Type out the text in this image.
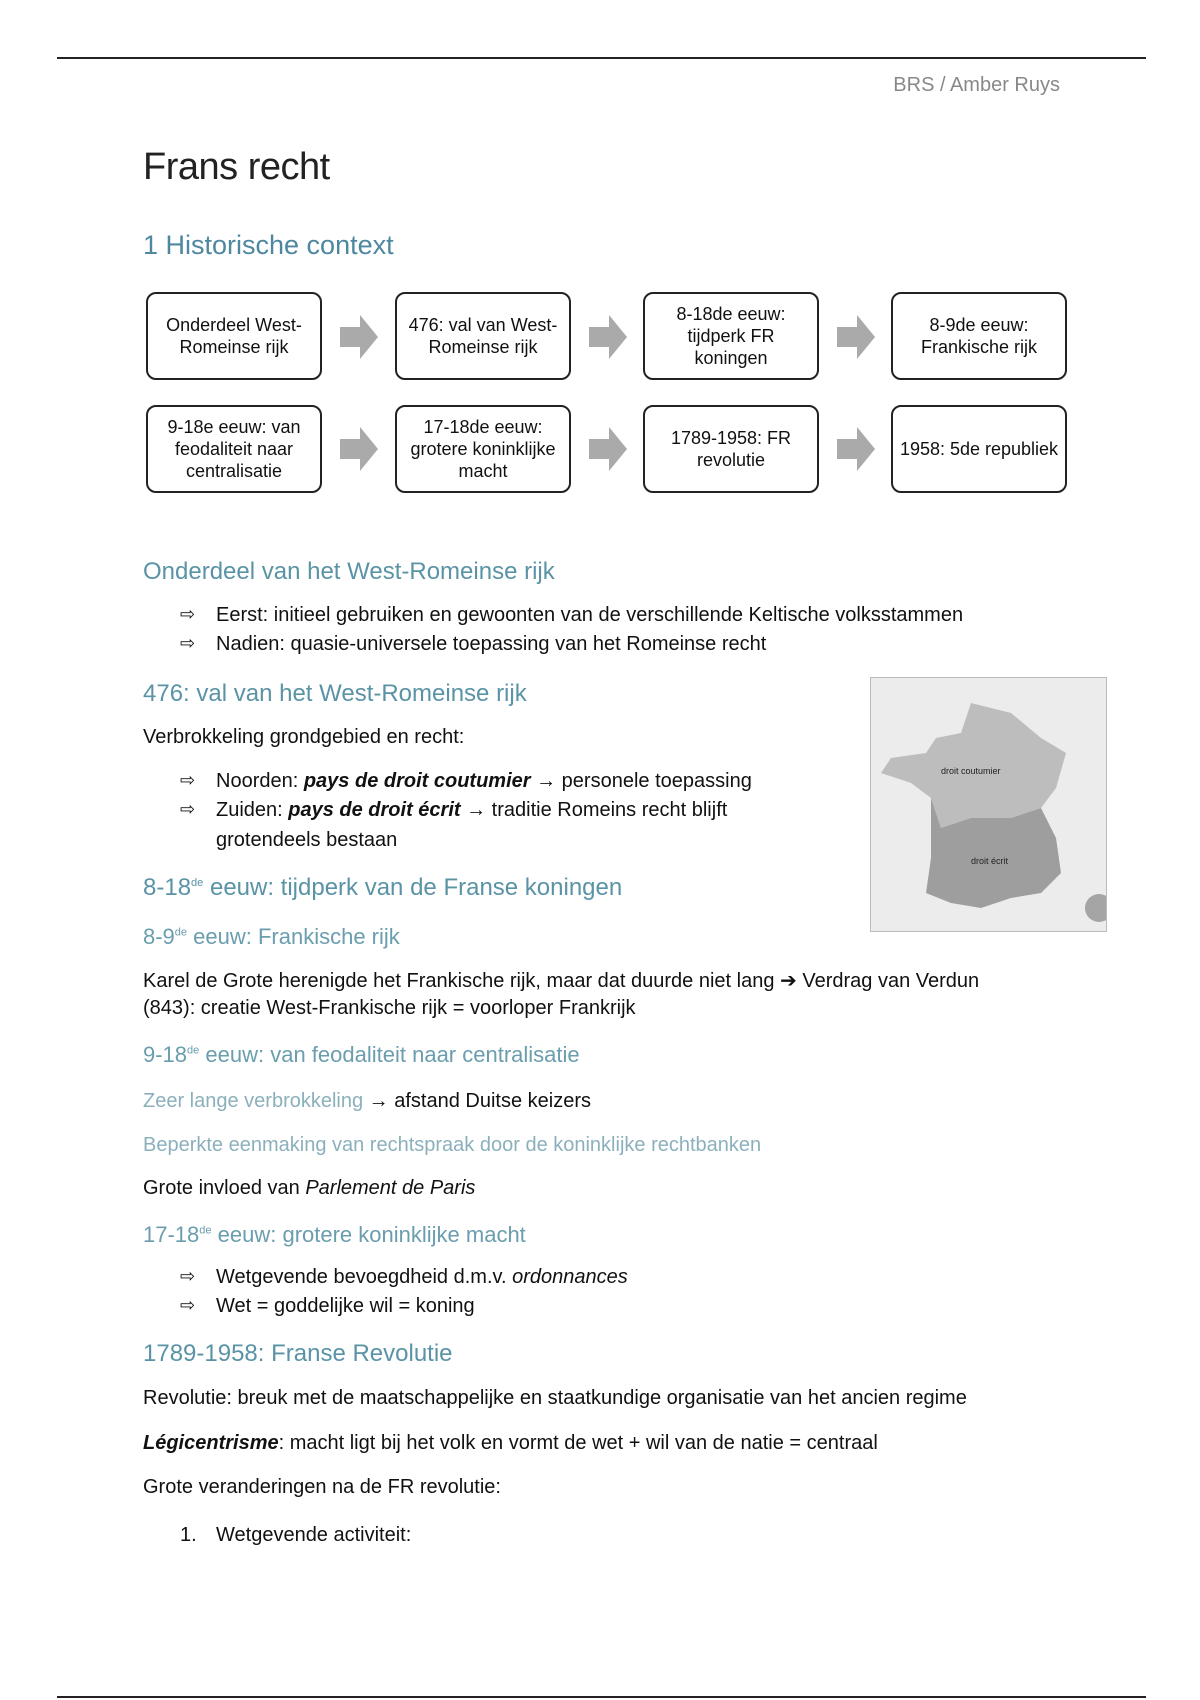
BRS / Amber Ruys
Frans recht
1 Historische context
Onderdeel West-Romeinse rijk
476: val van West-Romeinse rijk
8-18de eeuw: tijdperk FR koningen
8-9de eeuw: Frankische rijk
9-18e eeuw: van feodaliteit naar centralisatie
17-18de eeuw: grotere koninklijke macht
1789-1958: FR revolutie
1958: 5de republiek
droit coutumier
droit écrit
Onderdeel van het West-Romeinse rijk
⇨ Eerst: initieel gebruiken en gewoonten van de verschillende Keltische volksstammen
⇨ Nadien: quasie-universele toepassing van het Romeinse recht
476: val van het West-Romeinse rijk
Verbrokkeling grondgebied en recht:
⇨ Noorden: pays de droit coutumier → personele toepassing
⇨ Zuiden: pays de droit écrit → traditie Romeins recht blijft
grotendeels bestaan
8-18de eeuw: tijdperk van de Franse koningen
8-9de eeuw: Frankische rijk
Karel de Grote herenigde het Frankische rijk, maar dat duurde niet lang ➔ Verdrag van Verdun
(843): creatie West-Frankische rijk = voorloper Frankrijk
9-18de eeuw: van feodaliteit naar centralisatie
Zeer lange verbrokkeling → afstand Duitse keizers
Beperkte eenmaking van rechtspraak door de koninklijke rechtbanken
Grote invloed van Parlement de Paris
17-18de eeuw: grotere koninklijke macht
⇨ Wetgevende bevoegdheid d.m.v. ordonnances
⇨ Wet = goddelijke wil = koning
1789-1958: Franse Revolutie
Revolutie: breuk met de maatschappelijke en staatkundige organisatie van het ancien regime
Légicentrisme: macht ligt bij het volk en vormt de wet + wil van de natie = centraal
Grote veranderingen na de FR revolutie:
1. Wetgevende activiteit:
